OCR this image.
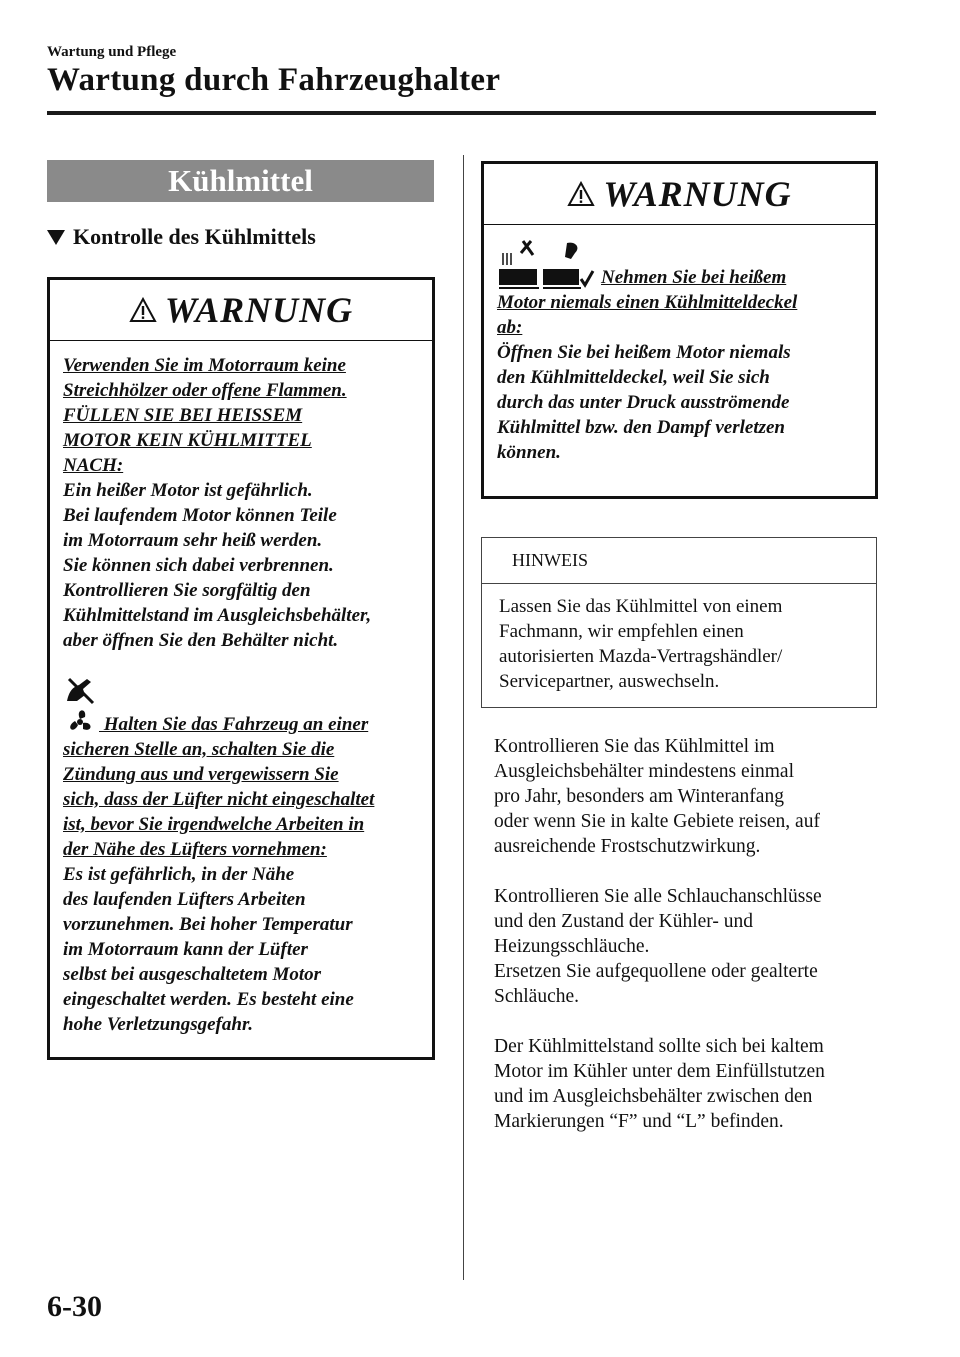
Wartung und Pflege
Wartung durch Fahrzeughalter
Kühlmittel
Kontrolle des Kühlmittels
WARNUNG

Verwenden Sie im Motorraum keine
Streichhölzer oder offene Flammen.
FÜLLEN SIE BEI HEISSEM
MOTOR KEIN KÜHLMITTEL
NACH:

Ein heißer Motor ist gefährlich.
Bei laufendem Motor können Teile
im Motorraum sehr heiß werden.
Sie können sich dabei verbrennen.
Kontrollieren Sie sorgfältig den
Kühlmittelstand im Ausgleichsbehälter,
aber öffnen Sie den Behälter nicht.

Halten Sie das Fahrzeug an einer
sicheren Stelle an, schalten Sie die
Zündung aus und vergewissern Sie
sich, dass der Lüfter nicht eingeschaltet
ist, bevor Sie irgendwelche Arbeiten in
der Nähe des Lüfters vornehmen:

Es ist gefährlich, in der Nähe
des laufenden Lüfters Arbeiten
vorzunehmen. Bei hoher Temperatur
im Motorraum kann der Lüfter
selbst bei ausgeschaltetem Motor
eingeschaltet werden. Es besteht eine
hohe Verletzungsgefahr.

WARNUNG

Nehmen Sie bei heißem
Motor niemals einen Kühlmitteldeckel
ab:

Öffnen Sie bei heißem Motor niemals
den Kühlmitteldeckel, weil Sie sich
durch das unter Druck ausströmende
Kühlmittel bzw. den Dampf verletzen
können.

HINWEIS
Lassen Sie das Kühlmittel von einem
Fachmann, wir empfehlen einen
autorisierten Mazda-Vertragshändler/
Servicepartner, auswechseln.

Kontrollieren Sie das Kühlmittel im
Ausgleichsbehälter mindestens einmal
pro Jahr, besonders am Winteranfang
oder wenn Sie in kalte Gebiete reisen, auf
ausreichende Frostschutzwirkung.

Kontrollieren Sie alle Schlauchanschlüsse
und den Zustand der Kühler- und
Heizungsschläuche.
Ersetzen Sie aufgequollene oder gealterte
Schläuche.

Der Kühlmittelstand sollte sich bei kaltem
Motor im Kühler unter dem Einfüllstutzen
und im Ausgleichsbehälter zwischen den
Markierungen “F” und “L” befinden.

6-30
